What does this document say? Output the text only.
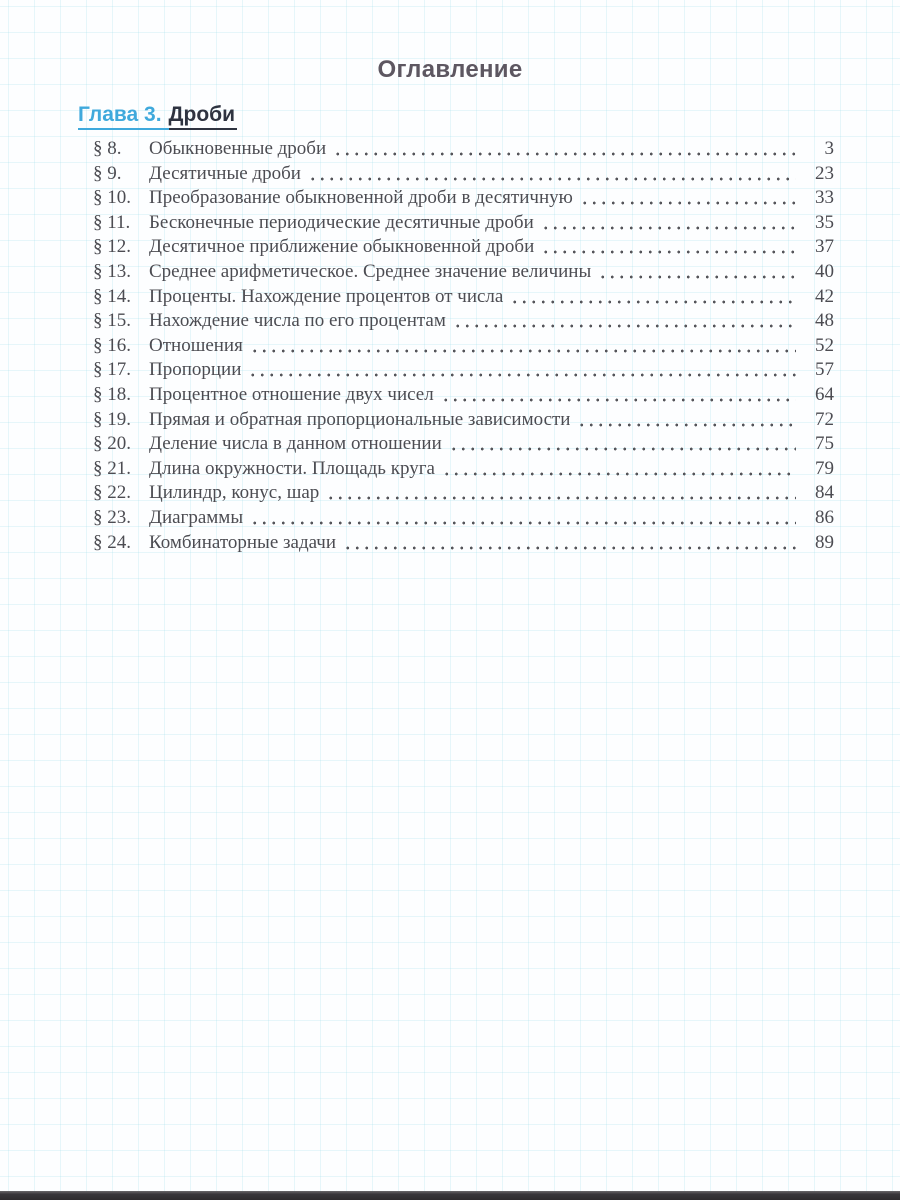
Оглавление
Глава 3. Дроби
§ 8.	Обыкновенные дроби	3
§ 9.	Десятичные дроби	23
§ 10. Преобразование обыкновенной дроби в десятичную	33
§ 11. Бесконечные периодические десятичные дроби	35
§ 12. Десятичное приближение обыкновенной дроби	37
§ 13. Среднее арифметическое. Среднее значение величины	40
§ 14. Проценты. Нахождение процентов от числа	42
§ 15. Нахождение числа по его процентам	48
§ 16. Отношения	52
§ 17. Пропорции	57
§ 18. Процентное отношение двух чисел	64
§ 19. Прямая и обратная пропорциональные зависимости	72
§ 20. Деление числа в данном отношении	75
§ 21. Длина окружности. Площадь круга	79
§ 22. Цилиндр, конус, шар	84
§ 23. Диаграммы	86
§ 24. Комбинаторные задачи	89
